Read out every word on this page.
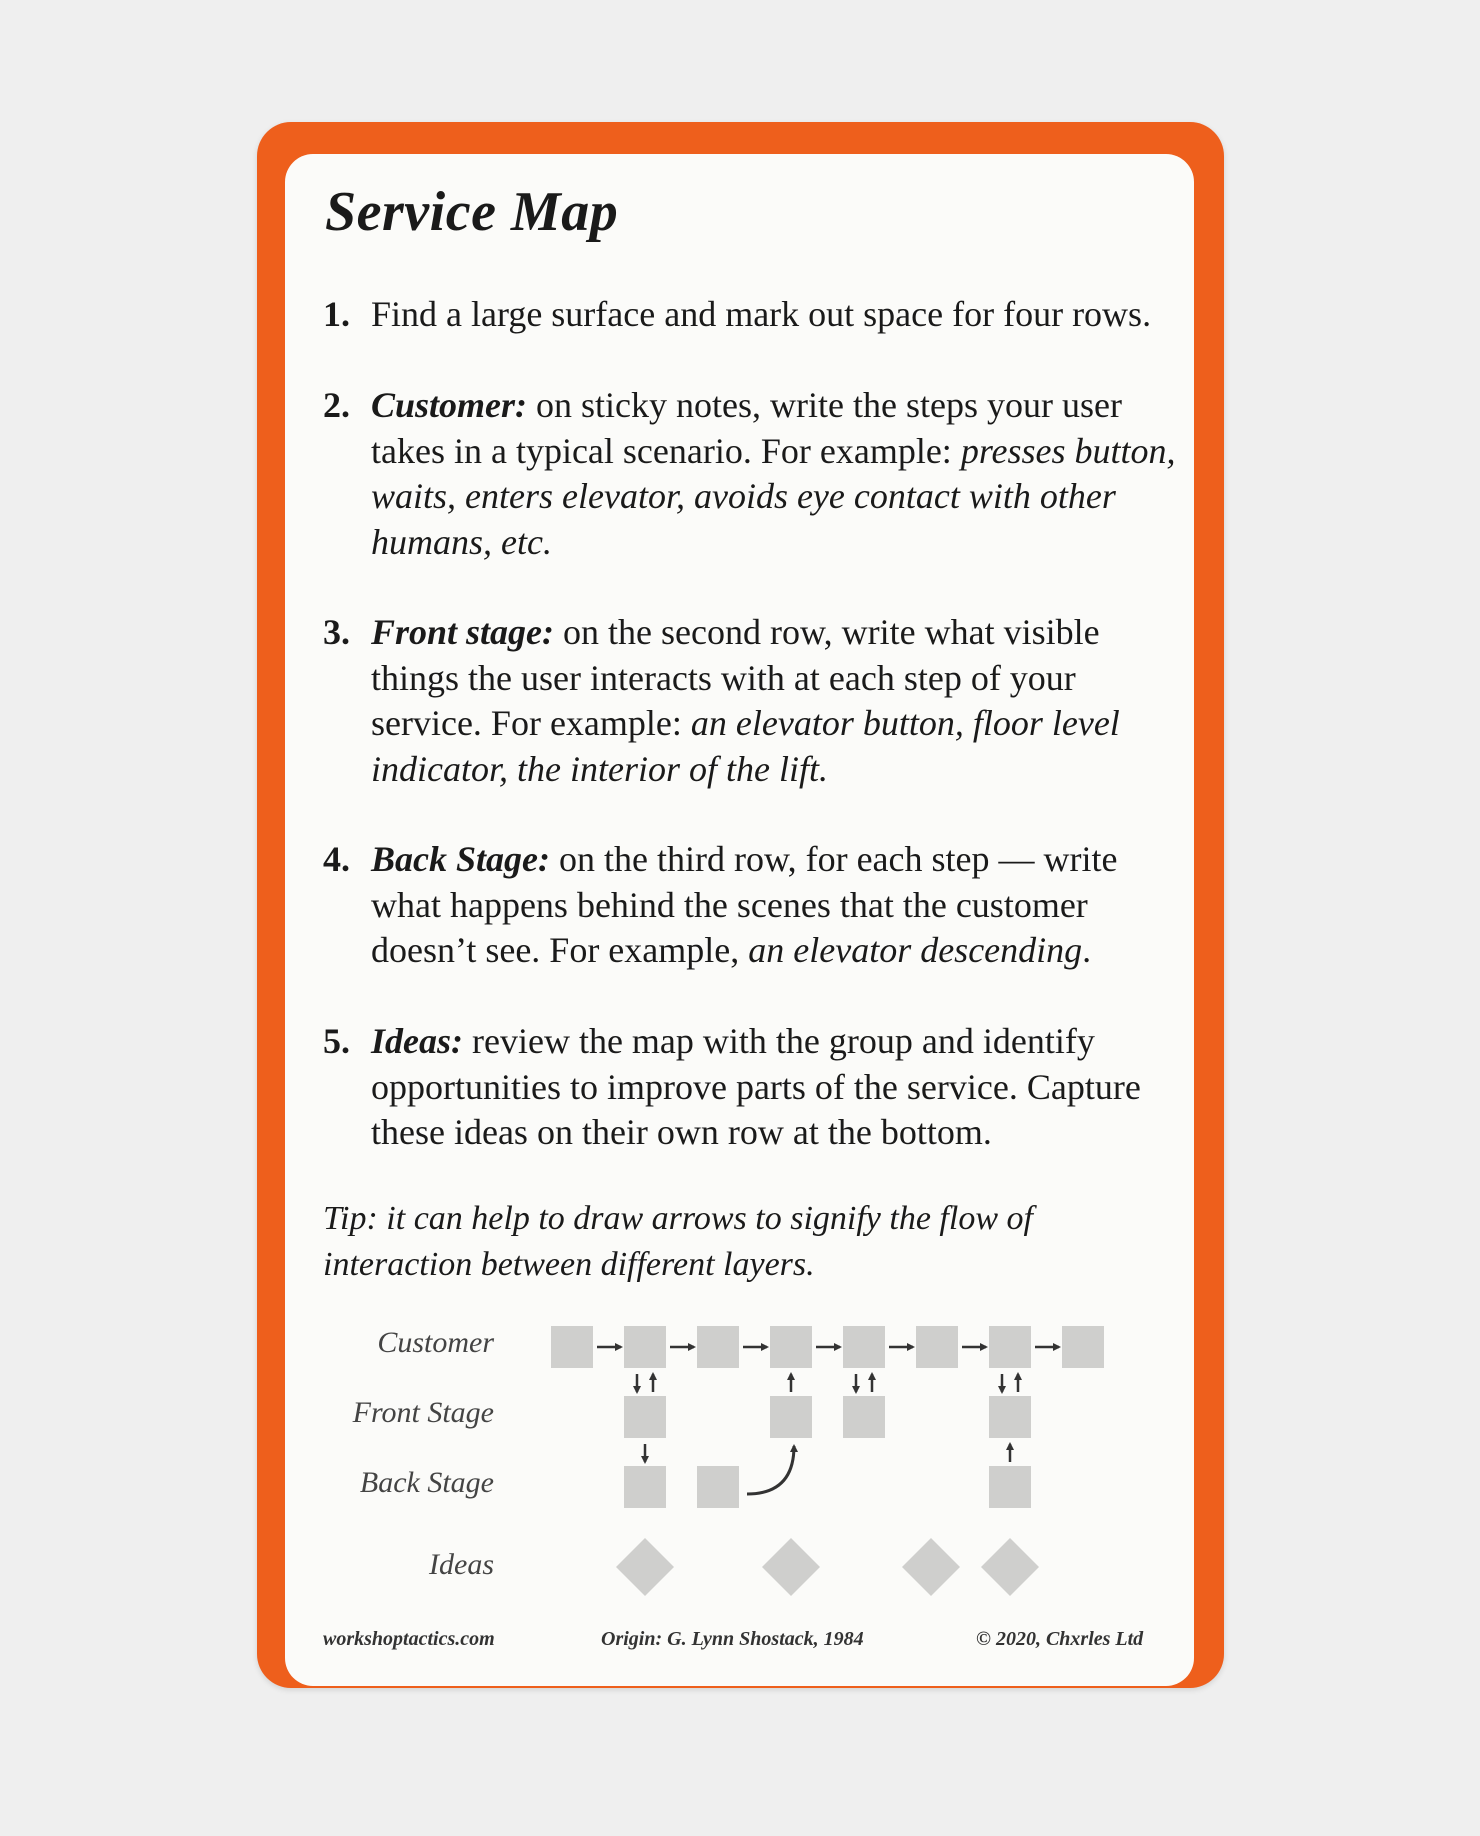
Service Map
1. Find a large surface and mark out space for four rows.
2. Customer: on sticky notes, write the steps your user takes in a typical scenario. For example: presses button, waits, enters elevator, avoids eye contact with other humans, etc.
3. Front stage: on the second row, write what visible things the user interacts with at each step of your service. For example: an elevator button, floor level indicator, the interior of the lift.
4. Back Stage: on the third row, for each step — write what happens behind the scenes that the customer doesn’t see. For example, an elevator descending.
5. Ideas: review the map with the group and identify opportunities to improve parts of the service. Capture these ideas on their own row at the bottom.
Tip: it can help to draw arrows to signify the flow of interaction between different layers.
Customer
Front Stage
Back Stage
Ideas
workshoptactics.com	Origin: G. Lynn Shostack, 1984	© 2020, Chxrles Ltd
